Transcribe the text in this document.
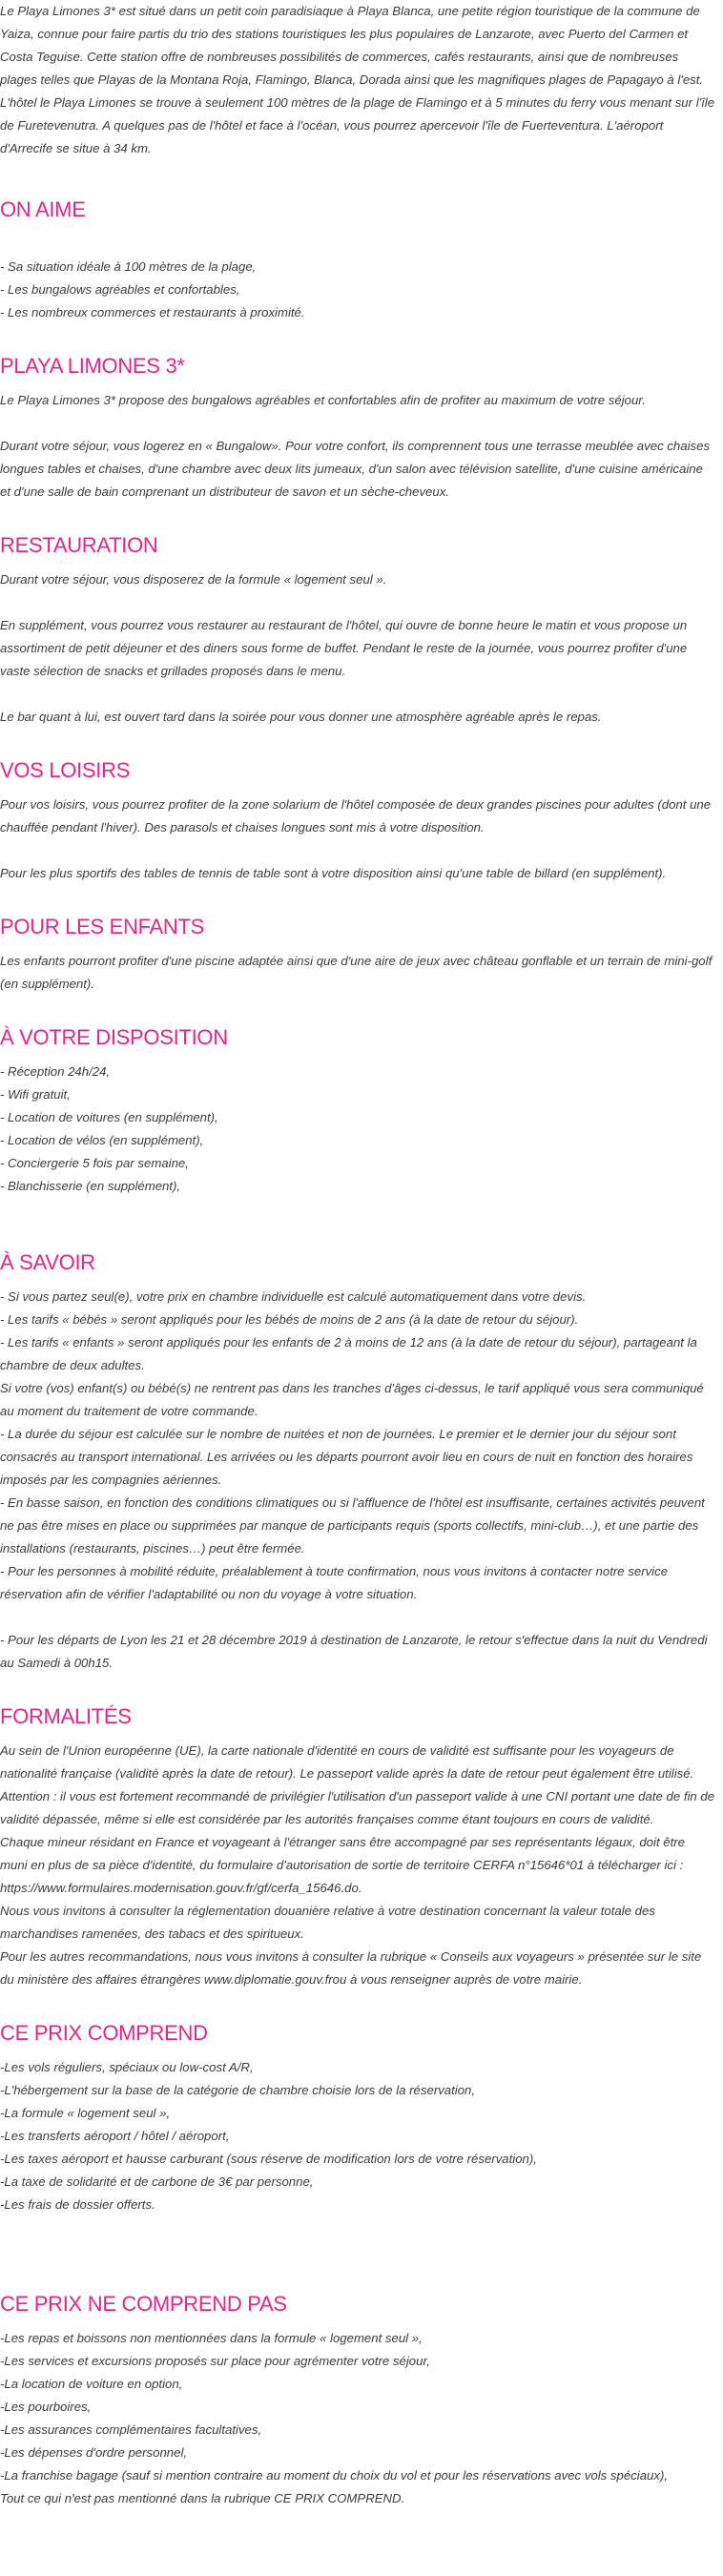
Le Playa Limones 3* est situé dans un petit coin paradisiaque à Playa Blanca, une petite région touristique de la commune de Yaiza, connue pour faire partis du trio des stations touristiques les plus populaires de Lanzarote, avec Puerto del Carmen et Costa Teguise. Cette station offre de nombreuses possibilités de commerces, cafés restaurants, ainsi que de nombreuses plages telles que Playas de la Montana Roja, Flamingo, Blanca, Dorada ainsi que les magnifiques plages de Papagayo à l'est. L'hôtel le Playa Limones se trouve à seulement 100 mètres de la plage de Flamingo et à 5 minutes du ferry vous menant sur l'île de Furetevenutra. A quelques pas de l'hôtel et face à l'océan, vous pourrez apercevoir l'île de Fuerteventura. L'aéroport d'Arrecife se situe à 34 km.

ON AIME
- Sa situation idéale à 100 mètres de la plage,
- Les bungalows agréables et confortables,
- Les nombreux commerces et restaurants à proximité.
PLAYA LIMONES 3*

Le Playa Limones 3* propose des bungalows agréables et confortables afin de profiter au maximum de votre séjour.

Durant votre séjour, vous logerez en « Bungalow». Pour votre confort, ils comprennent tous une terrasse meublée avec chaises longues tables et chaises, d'une chambre avec deux lits jumeaux, d'un salon avec télévision satellite, d'une cuisine américaine et d'une salle de bain comprenant un distributeur de savon et un sèche-cheveux.

RESTAURATION

Durant votre séjour, vous disposerez de la formule « logement seul ».

En supplément, vous pourrez vous restaurer au restaurant de l'hôtel, qui ouvre de bonne heure le matin et vous propose un assortiment de petit déjeuner et des diners sous forme de buffet. Pendant le reste de la journée, vous pourrez profiter d'une vaste sélection de snacks et grillades proposés dans le menu.

Le bar quant à lui, est ouvert tard dans la soirée pour vous donner une atmosphère agréable après le repas.

VOS LOISIRS

Pour vos loisirs, vous pourrez profiter de la zone solarium de l'hôtel composée de deux grandes piscines pour adultes (dont une chauffée pendant l'hiver). Des parasols et chaises longues sont mis à votre disposition.

Pour les plus sportifs des tables de tennis de table sont à votre disposition ainsi qu'une table de billard (en supplément).

POUR LES ENFANTS

Les enfants pourront profiter d'une piscine adaptée ainsi que d'une aire de jeux avec château gonflable et un terrain de mini-golf (en supplément).

À VOTRE DISPOSITION
- Réception 24h/24,
- Wifi gratuit,
- Location de voitures (en supplément),
- Location de vélos (en supplément),
- Conciergerie 5 fois par semaine,
- Blanchisserie (en supplément),
À SAVOIR
- Si vous partez seul(e), votre prix en chambre individuelle est calculé automatiquement dans votre devis.
- Les tarifs « bébés » seront appliqués pour les bébés de moins de 2 ans (à la date de retour du séjour).
- Les tarifs « enfants » seront appliqués pour les enfants de 2 à moins de 12 ans (à la date de retour du séjour), partageant la chambre de deux adultes.
Si votre (vos) enfant(s) ou bébé(s) ne rentrent pas dans les tranches d'âges ci-dessus, le tarif appliqué vous sera communiqué au moment du traitement de votre commande.
- La durée du séjour est calculée sur le nombre de nuitées et non de journées. Le premier et le dernier jour du séjour sont consacrés au transport international. Les arrivées ou les départs pourront avoir lieu en cours de nuit en fonction des horaires imposés par les compagnies aériennes.
- En basse saison, en fonction des conditions climatiques ou si l'affluence de l'hôtel est insuffisante, certaines activités peuvent ne pas être mises en place ou supprimées par manque de participants requis (sports collectifs, mini-club…), et une partie des installations (restaurants, piscines…) peut être fermée.
- Pour les personnes à mobilité réduite, préalablement à toute confirmation, nous vous invitons à contacter notre service réservation afin de vérifier l'adaptabilité ou non du voyage à votre situation.

- Pour les départs de Lyon les 21 et 28 décembre 2019 à destination de Lanzarote, le retour s'effectue dans la nuit du Vendredi au Samedi à 00h15.

FORMALITÉS
Au sein de l'Union européenne (UE), la carte nationale d'identité en cours de validité est suffisante pour les voyageurs de nationalité française (validité après la date de retour). Le passeport valide après la date de retour peut également être utilisé. Attention : il vous est fortement recommandé de privilégier l'utilisation d'un passeport valide à une CNI portant une date de fin de validité dépassée, même si elle est considérée par les autorités françaises comme étant toujours en cours de validité.
Chaque mineur résidant en France et voyageant à l'étranger sans être accompagné par ses représentants légaux, doit être muni en plus de sa pièce d'identité, du formulaire d'autorisation de sortie de territoire CERFA n°15646*01 à télécharger ici :
https://www.formulaires.modernisation.gouv.fr/gf/cerfa_15646.do.
Nous vous invitons à consulter la réglementation douanière relative à votre destination concernant la valeur totale des marchandises ramenées, des tabacs et des spiritueux.
Pour les autres recommandations, nous vous invitons à consulter la rubrique « Conseils aux voyageurs » présentée sur le site du ministère des affaires étrangères www.diplomatie.gouv.frou à vous renseigner auprès de votre mairie.
CE PRIX COMPREND
-Les vols réguliers, spéciaux ou low-cost A/R,
-L'hébergement sur la base de la catégorie de chambre choisie lors de la réservation,
-La formule « logement seul »,
-Les transferts aéroport / hôtel / aéroport,
-Les taxes aéroport et hausse carburant (sous réserve de modification lors de votre réservation),
-La taxe de solidarité et de carbone de 3€ par personne,
-Les frais de dossier offerts.
CE PRIX NE COMPREND PAS
-Les repas et boissons non mentionnées dans la formule « logement seul »,
-Les services et excursions proposés sur place pour agrémenter votre séjour,
-La location de voiture en option,
-Les pourboires,
-Les assurances complémentaires facultatives,
-Les dépenses d'ordre personnel,
-La franchise bagage (sauf si mention contraire au moment du choix du vol et pour les réservations avec vols spéciaux),
Tout ce qui n'est pas mentionné dans la rubrique CE PRIX COMPREND.
